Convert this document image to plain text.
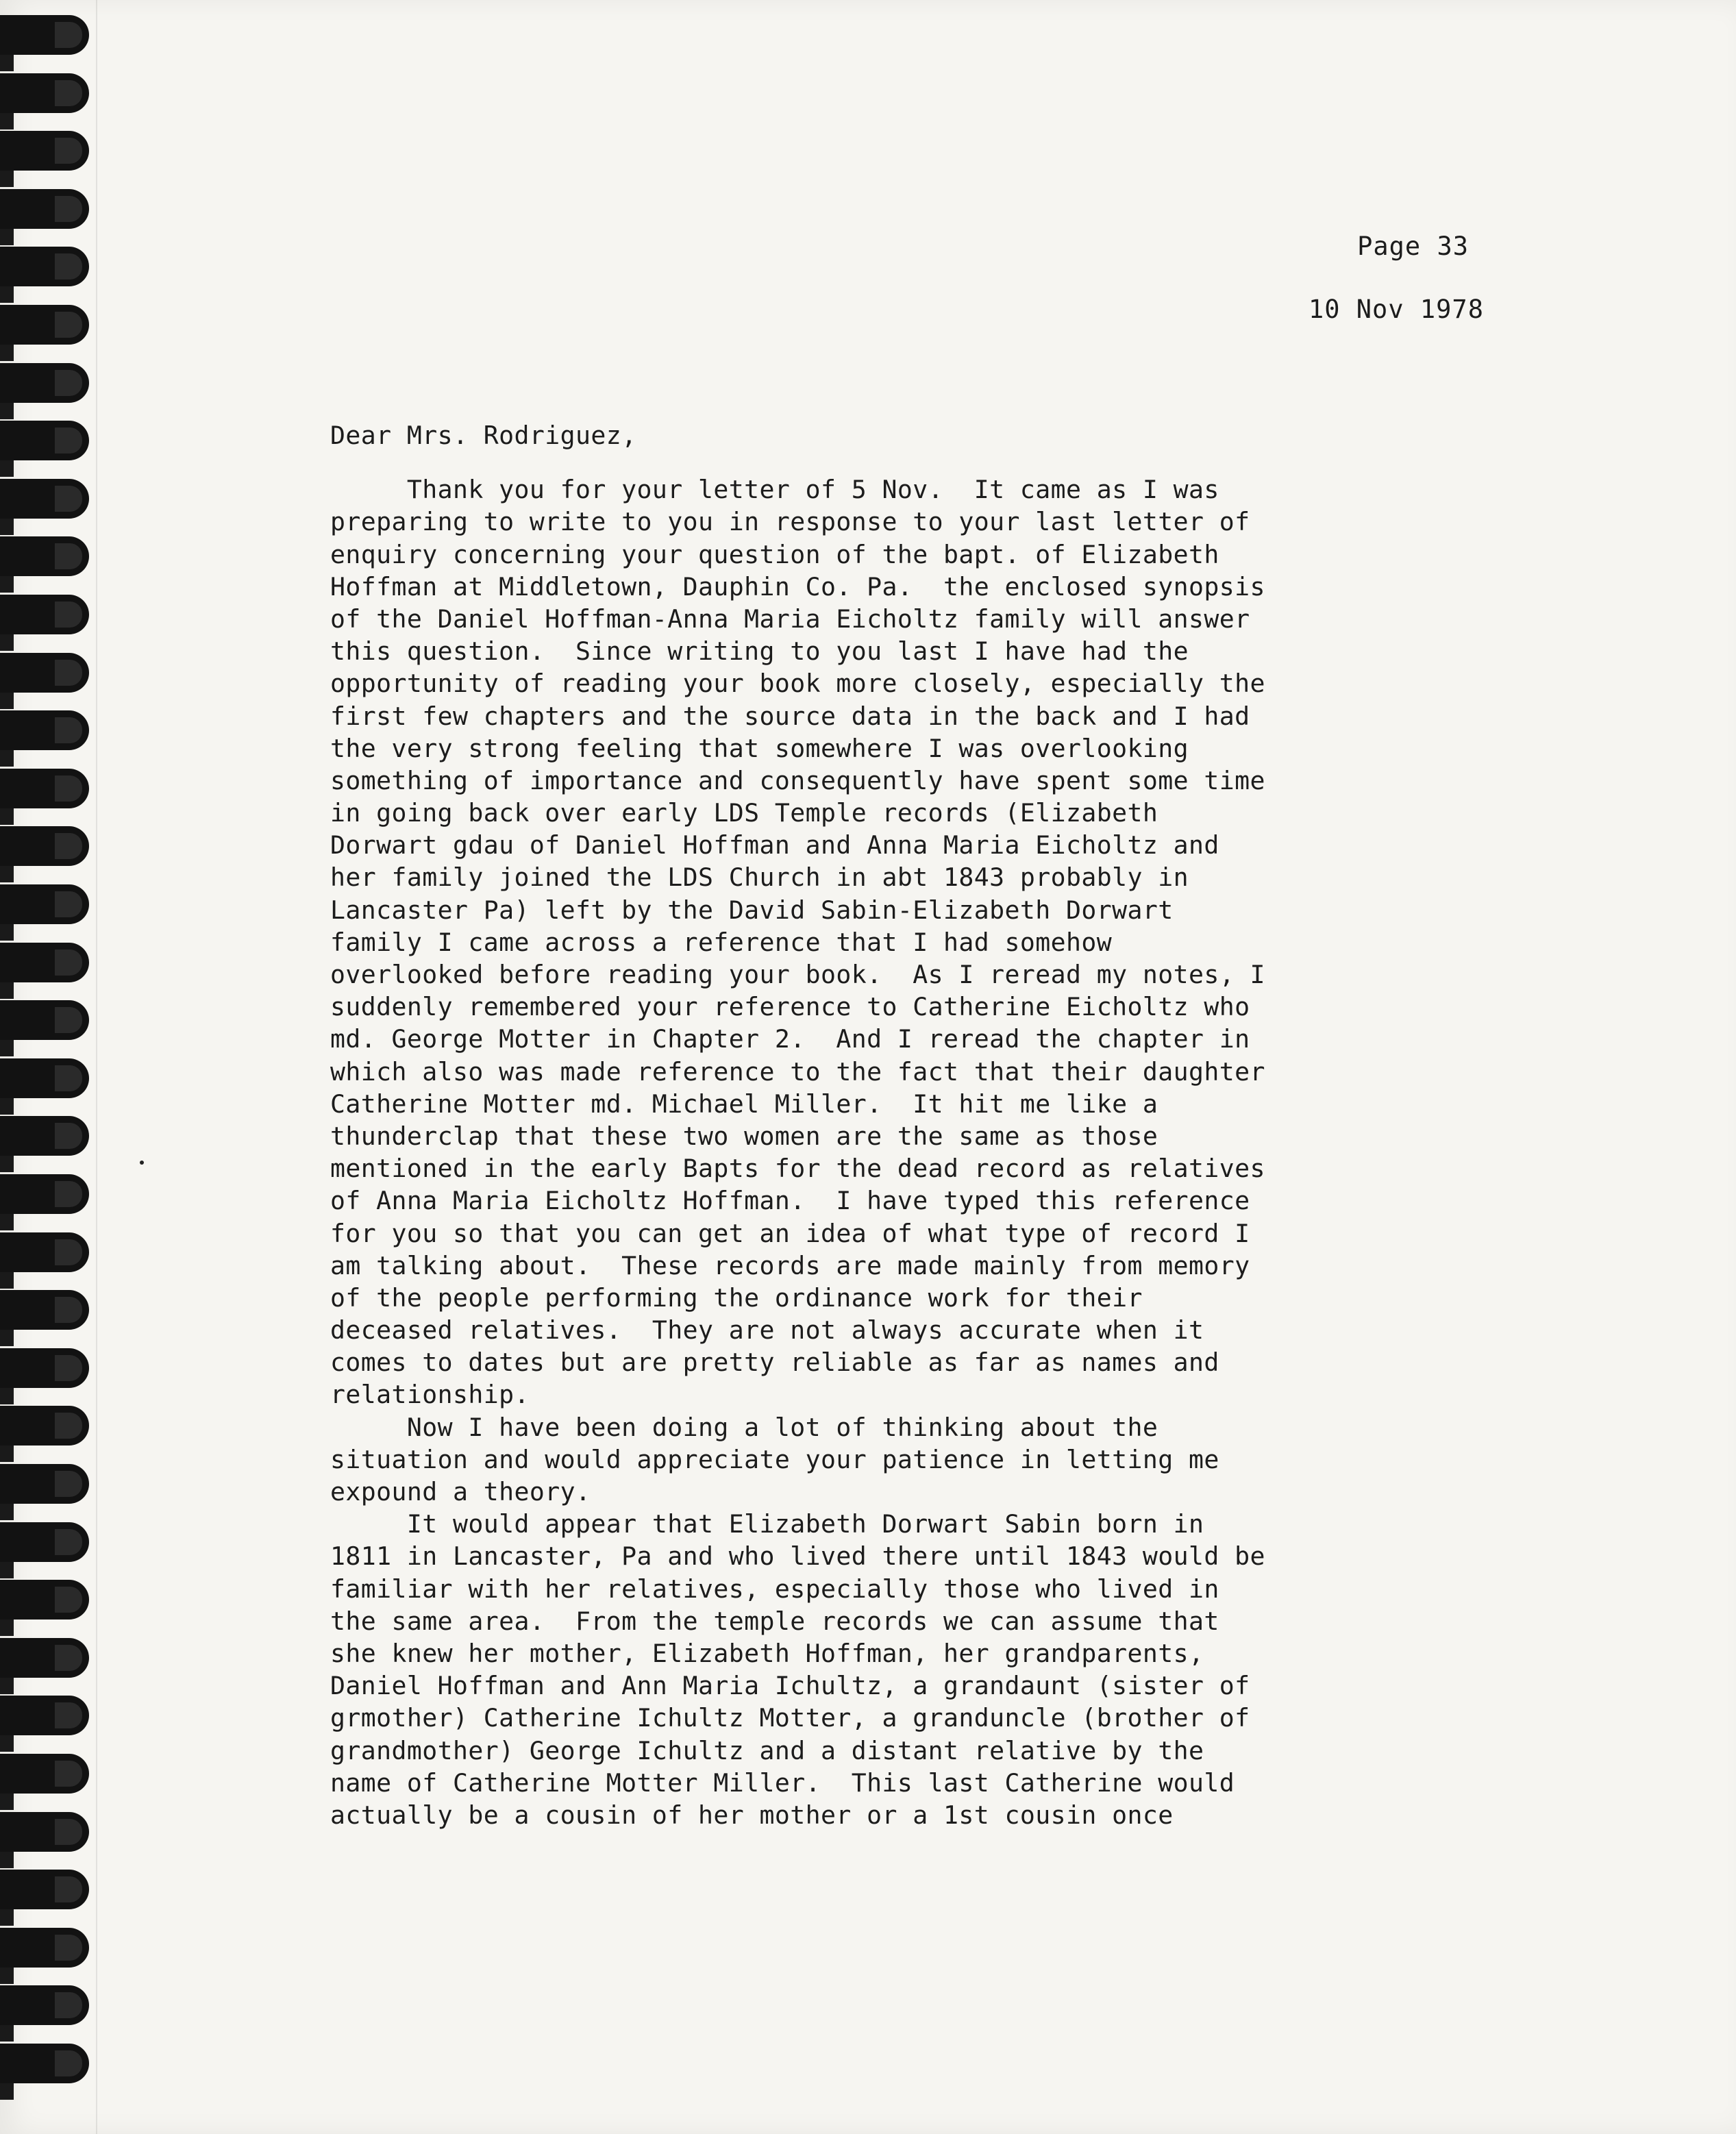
Page 33
10 Nov 1978
Dear Mrs. Rodriguez,
Thank you for your letter of 5 Nov.  It came as I was
preparing to write to you in response to your last letter of
enquiry concerning your question of the bapt. of Elizabeth
Hoffman at Middletown, Dauphin Co. Pa.  the enclosed synopsis
of the Daniel Hoffman-Anna Maria Eicholtz family will answer
this question.  Since writing to you last I have had the
opportunity of reading your book more closely, especially the
first few chapters and the source data in the back and I had
the very strong feeling that somewhere I was overlooking
something of importance and consequently have spent some time
in going back over early LDS Temple records (Elizabeth
Dorwart gdau of Daniel Hoffman and Anna Maria Eicholtz and
her family joined the LDS Church in abt 1843 probably in
Lancaster Pa) left by the David Sabin-Elizabeth Dorwart
family I came across a reference that I had somehow
overlooked before reading your book.  As I reread my notes, I
suddenly remembered your reference to Catherine Eicholtz who
md. George Motter in Chapter 2.  And I reread the chapter in
which also was made reference to the fact that their daughter
Catherine Motter md. Michael Miller.  It hit me like a
thunderclap that these two women are the same as those
mentioned in the early Bapts for the dead record as relatives
of Anna Maria Eicholtz Hoffman.  I have typed this reference
for you so that you can get an idea of what type of record I
am talking about.  These records are made mainly from memory
of the people performing the ordinance work for their
deceased relatives.  They are not always accurate when it
comes to dates but are pretty reliable as far as names and
relationship.
Now I have been doing a lot of thinking about the
situation and would appreciate your patience in letting me
expound a theory.
It would appear that Elizabeth Dorwart Sabin born in
1811 in Lancaster, Pa and who lived there until 1843 would be
familiar with her relatives, especially those who lived in
the same area.  From the temple records we can assume that
she knew her mother, Elizabeth Hoffman, her grandparents,
Daniel Hoffman and Ann Maria Ichultz, a grandaunt (sister of
grmother) Catherine Ichultz Motter, a granduncle (brother of
grandmother) George Ichultz and a distant relative by the
name of Catherine Motter Miller.  This last Catherine would
actually be a cousin of her mother or a 1st cousin once
